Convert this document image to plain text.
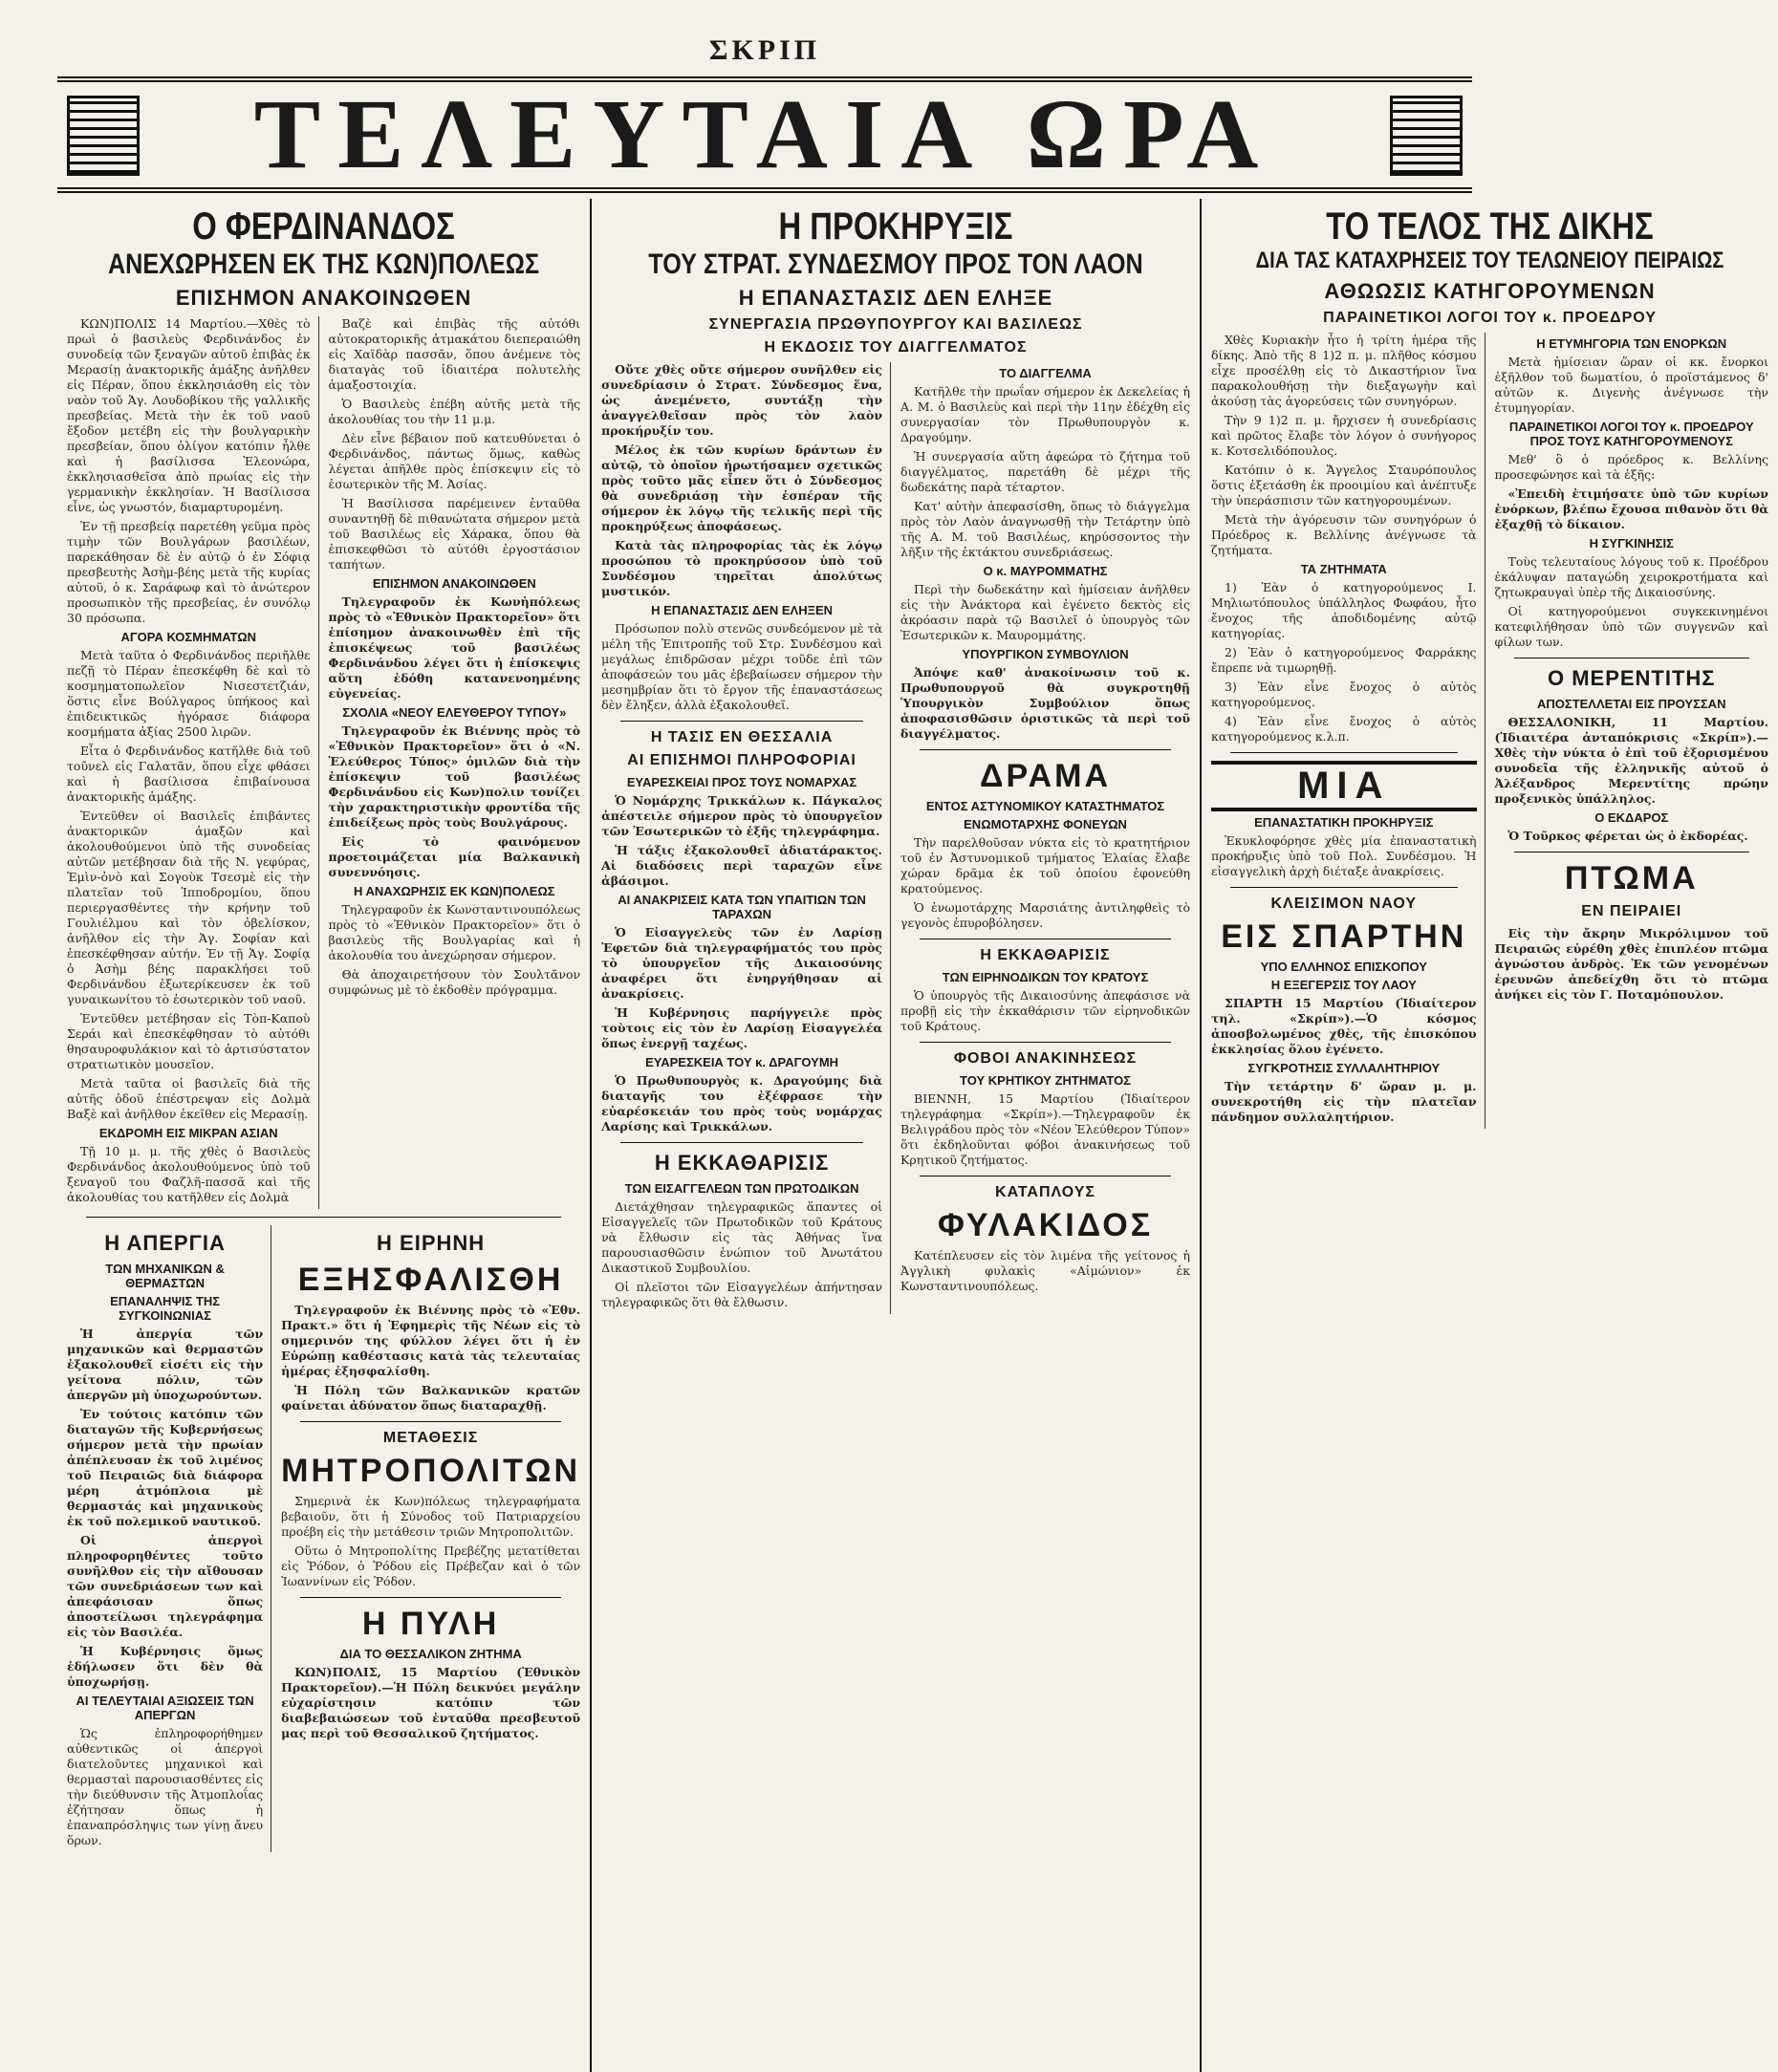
ΣΚΡΙΠ
ΤΕΛΕΥΤΑΙΑ ΩΡΑ
Ο ΦΕΡΔΙΝΑΝΔΟΣ
ΑΝΕΧΩΡΗΣΕΝ ΕΚ ΤΗΣ ΚΩΝ)ΠΟΛΕΩΣ
ΕΠΙΣΗΜΟΝ ΑΝΑΚΟΙΝΩΘΕΝ

ΚΩΝ)ΠΟΛΙΣ 14 Μαρτίου.—Χθὲς τὸ πρωὶ ὁ βασιλεὺς Φερδινάνδος ἐν συνοδείᾳ τῶν ξεναγῶν αὐτοῦ ἐπιβὰς ἐκ Μερασίῃ ἀνακτορικῆς ἁμάξης ἀνῆλθεν εἰς Πέραν, ὅπου ἐκκλησιάσθη εἰς τὸν ναὸν τοῦ Ἁγ. Λουδοβίκου τῆς γαλλικῆς πρεσβείας. Μετὰ τὴν ἐκ τοῦ ναοῦ ἔξοδον μετέβη εἰς τὴν βουλγαρικὴν πρεσβείαν, ὅπου ὀλίγον κατόπιν ἦλθε καὶ ἡ βασίλισσα Ἐλεονώρα, ἐκκλησιασθεῖσα ἀπὸ πρωίας εἰς τὴν γερμανικὴν ἐκκλησίαν. Ἡ Βασίλισσα εἶνε, ὡς γνωστόν, διαμαρτυρομένη.

Ἐν τῇ πρεσβείᾳ παρετέθη γεῦμα πρὸς τιμὴν τῶν Βουλγάρων βασιλέων, παρεκάθησαν δὲ ἐν αὐτῷ ὁ ἐν Σόφιᾳ πρεσβευτὴς Ἀσὴμ-βέης μετὰ τῆς κυρίας αὐτοῦ, ὁ κ. Σαράφωφ καὶ τὸ ἀνώτερον προσωπικὸν τῆς πρεσβείας, ἐν συνόλῳ 30 πρόσωπα.

ΑΓΟΡΑ ΚΟΣΜΗΜΑΤΩΝ

Μετὰ ταῦτα ὁ Φερδινάνδος περιῆλθε πεζῇ τὸ Πέραν ἐπεσκέφθη δὲ καὶ τὸ κοσμηματοπωλεῖον Νισεστετζιάν, ὅστις εἶνε Βούλγαρος ὑπήκοος καὶ ἐπιδεικτικῶς ἠγόρασε διάφορα κοσμήματα ἀξίας 2500 λιρῶν.

Εἶτα ὁ Φερδινάνδος κατῆλθε διὰ τοῦ τοῦνελ εἰς Γαλατᾶν, ὅπου εἶχε φθάσει καὶ ἡ βασίλισσα ἐπιβαίνουσα ἀνακτορικῆς ἁμάξης.

Ἐντεῦθεν οἱ Βασιλεῖς ἐπιβάντες ἀνακτορικῶν ἁμαξῶν καὶ ἀκολουθούμενοι ὑπὸ τῆς συνοδείας αὐτῶν μετέβησαν διὰ τῆς Ν. γεφύρας, Ἐμὶν-ὀνὸ καὶ Σογοὺκ Τσεσμὲ εἰς τὴν πλατεῖαν τοῦ Ἱπποδρομίου, ὅπου περιεργασθέντες τὴν κρήνην τοῦ Γουλιέλμου καὶ τὸν ὀβελίσκον, ἀνῆλθον εἰς τὴν Ἁγ. Σοφίαν καὶ ἐπεσκέφθησαν αὐτήν. Ἐν τῇ Ἁγ. Σοφίᾳ ὁ Ἀσὴμ βέης παρακλήσει τοῦ Φερδινάνδου ἐξωτερίκευσεν ἐκ τοῦ γυναικωνίτου τὸ ἐσωτερικὸν τοῦ ναοῦ.

Ἐντεῦθεν μετέβησαν εἰς Τὸπ-Καποὺ Σεράι καὶ ἐπεσκέφθησαν τὸ αὐτόθι θησαυροφυλάκιον καὶ τὸ ἀρτισύστατον στρατιωτικὸν μουσεῖον.

Μετὰ ταῦτα οἱ βασιλεῖς διὰ τῆς αὐτῆς ὁδοῦ ἐπέστρεψαν εἰς Δολμὰ Βαξὲ καὶ ἀνῆλθον ἐκεῖθεν εἰς Μερασίῃ.

ΕΚΔΡΟΜΗ ΕΙΣ ΜΙΚΡΑΝ ΑΣΙΑΝ

Τῇ 10 μ. μ. τῆς χθὲς ὁ Βασιλεὺς Φερδινάνδος ἀκολουθούμενος ὑπὸ τοῦ ξεναγοῦ του Φαζλῆ-πασσᾶ καὶ τῆς ἀκολουθίας του κατῆλθεν εἰς Δολμὰ

Βαζὲ καὶ ἐπιβὰς τῆς αὐτόθι αὐτοκρατορικῆς ἀτμακάτου διεπεραιώθη εἰς Χαϊδὰρ πασσᾶν, ὅπου ἀνέμενε τὸς διαταγὰς τοῦ ἰδιαιτέρα πολυτελὴς ἁμαξοστοιχία.

Ὁ Βασιλεὺς ἐπέβη αὐτῆς μετὰ τῆς ἀκολουθίας του τὴν 11 μ.μ.

Δὲν εἶνε βέβαιον ποῦ κατευθύνεται ὁ Φερδινάνδος, πάντως ὅμως, καθὼς λέγεται ἀπῆλθε πρὸς ἐπίσκεψιν εἰς τὸ ἐσωτερικὸν τῆς Μ. Ἀσίας.

Ἡ Βασίλισσα παρέμεινεν ἐνταῦθα συναντηθῇ δὲ πιθανώτατα σήμερον μετὰ τοῦ Βασιλέως εἰς Χάρακα, ὅπου θὰ ἐπισκεφθῶσι τὸ αὐτόθι ἐργοστάσιον ταπήτων.

ΕΠΙΣΗΜΟΝ ΑΝΑΚΟΙΝΩΘΕΝ

Τηλεγραφοῦν ἐκ Κωνἡπόλεως πρὸς τὸ «Ἐθνικὸν Πρακτορεῖον» ὅτι ἐπίσημον ἀνακοινωθὲν ἐπὶ τῆς ἐπισκέψεως τοῦ βασιλέως Φερδινάνδου λέγει ὅτι ἡ ἐπίσκεψις αὕτη ἐδόθη κατανενοημένης εὐγενείας.

ΣΧΟΛΙΑ «ΝΕΟΥ ΕΛΕΥΘΕΡΟΥ ΤΥΠΟΥ»

Τηλεγραφοῦν ἐκ Βιέννης πρὸς τὸ «Ἐθνικὸν Πρακτορεῖον» ὅτι ὁ «Ν. Ἐλεύθερος Τύπος» ὁμιλῶν διὰ τὴν ἐπίσκεψιν τοῦ βασιλέως Φερδινάνδου εἰς Κων)πολιν τονίζει τὴν χαρακτηριστικὴν φροντίδα τῆς ἐπιδείξεως πρὸς τοὺς Βουλγάρους.

Εἰς τὸ φαινόμενον προετοιμάζεται μία Βαλκανικὴ συνεννόησις.

Η ΑΝΑΧΩΡΗΣΙΣ ΕΚ ΚΩΝ)ΠΟΛΕΩΣ

Τηλεγραφοῦν ἐκ Κωνσταντινουπόλεως πρὸς τὸ «Ἐθνικὸν Πρακτορεῖον» ὅτι ὁ βασιλεὺς τῆς Βουλγαρίας καὶ ἡ ἀκολουθία του ἀνεχώρησαν σήμερον.

Θὰ ἀποχαιρετήσουν τὸν Σουλτᾶνον συμφώνως μὲ τὸ ἐκδοθὲν πρόγραμμα.

Η ΑΠΕΡΓΙΑ
ΤΩΝ ΜΗΧΑΝΙΚΩΝ & ΘΕΡΜΑΣΤΩΝ
ΕΠΑΝΑΛΗΨΙΣ ΤΗΣ ΣΥΓΚΟΙΝΩΝΙΑΣ

Ἡ ἀπεργία τῶν μηχανικῶν καὶ θερμαστῶν ἐξακολουθεῖ εἰσέτι εἰς τὴν γείτονα πόλιν, τῶν ἀπεργῶν μὴ ὑποχωρούντων.

Ἐν τούτοις κατόπιν τῶν διαταγῶν τῆς Κυβερνήσεως σήμερον μετὰ τὴν πρωίαν ἀπέπλευσαν ἐκ τοῦ λιμένος τοῦ Πειραιῶς διὰ διάφορα μέρη ἀτμόπλοια μὲ θερμαστάς καὶ μηχανικοὺς ἐκ τοῦ πολεμικοῦ ναυτικοῦ.

Οἱ ἀπεργοὶ πληροφορηθέντες τοῦτο συνῆλθον εἰς τὴν αἴθουσαν τῶν συνεδριάσεων των καὶ ἀπεφάσισαν ὅπως ἀποστείλωσι τηλεγράφημα εἰς τὸν Βασιλέα.

Ἡ Κυβέρνησις ὅμως ἐδήλωσεν ὅτι δὲν θὰ ὑποχωρήσῃ.

ΑΙ ΤΕΛΕΥΤΑΙΑΙ ΑΞΙΩΣΕΙΣ ΤΩΝ ΑΠΕΡΓΩΝ

Ὡς ἐπληροφορήθημεν αὐθεντικῶς οἱ ἀπεργοὶ διατελοῦντες μηχανικοὶ καὶ θερμασταὶ παρουσιασθέντες εἰς τὴν διεύθυνσιν τῆς Ἀτμοπλοΐας ἐζήτησαν ὅπως ἡ ἐπαναπρόσληψις των γίνῃ ἄνευ ὅρων.

Η ΕΙΡΗΝΗ
ΕΞΗΣΦΑΛΙΣΘΗ

Τηλεγραφοῦν ἐκ Βιέννης πρὸς τὸ «Ἐθν. Πρακτ.» ὅτι ἡ Ἐφημερὶς τῆς Νέων εἰς τὸ σημερινόν της φύλλον λέγει ὅτι ἡ ἐν Εὐρώπῃ καθέστασις κατὰ τὰς τελευταίας ἡμέρας ἐξησφαλίσθη.

Ἡ Πόλη τῶν Βαλκανικῶν κρατῶν φαίνεται ἀδύνατον ὅπως διαταραχθῇ.

ΜΕΤΑΘΕΣΙΣ
ΜΗΤΡΟΠΟΛΙΤΩΝ

Σημερινὰ ἐκ Κων)πόλεως τηλεγραφήματα βεβαιοῦν, ὅτι ἡ Σύνοδος τοῦ Πατριαρχείου προέβη εἰς τὴν μετάθεσιν τριῶν Μητροπολιτῶν.

Οὕτω ὁ Μητροπολίτης Πρεβέζης μετατίθεται εἰς Ῥόδον, ὁ Ῥόδου εἰς Πρέβεζαν καὶ ὁ τῶν Ἰωαννίνων εἰς Ῥόδον.

Η ΠΥΛΗ
ΔΙΑ ΤΟ ΘΕΣΣΑΛΙΚΟΝ ΖΗΤΗΜΑ

ΚΩΝ)ΠΟΛΙΣ, 15 Μαρτίου (Ἐθνικὸν Πρακτορεῖον).—Ἡ Πύλη δεικνύει μεγάλην εὐχαρίστησιν κατόπιν τῶν διαβεβαιώσεων τοῦ ἐνταῦθα πρεσβευτοῦ μας περὶ τοῦ Θεσσαλικοῦ ζητήματος.

Η ΠΡΟΚΗΡΥΞΙΣ
ΤΟΥ ΣΤΡΑΤ. ΣΥΝΔΕΣΜΟΥ ΠΡΟΣ ΤΟΝ ΛΑΟΝ
Η ΕΠΑΝΑΣΤΑΣΙΣ ΔΕΝ ΕΛΗΞΕ
ΣΥΝΕΡΓΑΣΙΑ ΠΡΩΘΥΠΟΥΡΓΟΥ ΚΑΙ ΒΑΣΙΛΕΩΣ
Η ΕΚΔΟΣΙΣ ΤΟΥ ΔΙΑΓΓΕΛΜΑΤΟΣ

Οὔτε χθὲς οὔτε σήμερον συνῆλθεν εἰς συνεδρίασιν ὁ Στρατ. Σύνδεσμος ἕνα, ὡς ἀνεμένετο, συντάξῃ τὴν ἀναγγελθεῖσαν πρὸς τὸν λαὸν προκήρυξίν του.

Μέλος ἐκ τῶν κυρίων δράντων ἐν αὐτῷ, τὸ ὁποῖον ἠρωτήσαμεν σχετικῶς πρὸς τοῦτο μᾶς εἶπεν ὅτι ὁ Σύνδεσμος θὰ συνεδριάσῃ τὴν ἑσπέραν τῆς σήμερον ἐκ λόγῳ τῆς τελικῆς περὶ τῆς προκηρύξεως ἀποφάσεως.

Κατὰ τὰς πληροφορίας τὰς ἐκ λόγῳ προσώπου τὸ προκηρύσσον ὑπὸ τοῦ Συνδέσμου τηρεῖται ἀπολύτως μυστικόν.

Η ΕΠΑΝΑΣΤΑΣΙΣ ΔΕΝ ΕΛΗΞΕΝ

Πρόσωπον πολὺ στενῶς συνδεόμενον μὲ τὰ μέλη τῆς Ἐπιτροπῆς τοῦ Στρ. Συνδέσμου καὶ μεγάλως ἐπιδρῶσαν μέχρι τοῦδε ἐπὶ τῶν ἀποφάσεών του μᾶς ἐβεβαίωσεν σήμερον τὴν μεσημβρίαν ὅτι τὸ ἔργον τῆς ἐπαναστάσεως δὲν ἔληξεν, ἀλλὰ ἐξακολουθεῖ.

Η ΤΑΣΙΣ ΕΝ ΘΕΣΣΑΛΙΑ
ΑΙ ΕΠΙΣΗΜΟΙ ΠΛΗΡΟΦΟΡΙΑΙ
ΕΥΑΡΕΣΚΕΙΑΙ ΠΡΟΣ ΤΟΥΣ ΝΟΜΑΡΧΑΣ

Ὁ Νομάρχης Τρικκάλων κ. Πάγκαλος ἀπέστειλε σήμερον πρὸς τὸ ὑπουργεῖον τῶν Ἐσωτερικῶν τὸ ἑξῆς τηλεγράφημα.

Ἡ τάξις ἐξακολουθεῖ ἀδιατάρακτος. Αἱ διαδόσεις περὶ ταραχῶν εἶνε ἀβάσιμοι.

ΑΙ ΑΝΑΚΡΙΣΕΙΣ ΚΑΤΑ ΤΩΝ ΥΠΑΙΤΙΩΝ ΤΩΝ ΤΑΡΑΧΩΝ

Ὁ Εἰσαγγελεὺς τῶν ἐν Λαρίσῃ Ἐφετῶν διὰ τηλεγραφήματός του πρὸς τὸ ὑπουργεῖον τῆς Δικαιοσύνης ἀναφέρει ὅτι ἐνηργήθησαν αἱ ἀνακρίσεις.

Ἡ Κυβέρνησις παρήγγειλε πρὸς τοὺτοις εἰς τὸν ἐν Λαρίσῃ Εἰσαγγελέα ὅπως ἐνεργῇ ταχέως.

ΕΥΑΡΕΣΚΕΙΑ ΤΟΥ κ. ΔΡΑΓΟΥΜΗ

Ὁ Πρωθυπουργὸς κ. Δραγούμης διὰ διαταγῆς του ἐξέφρασε τὴν εὐαρέσκειάν του πρὸς τοὺς νομάρχας Λαρίσης καὶ Τρικκάλων.

Η ΕΚΚΑΘΑΡΙΣΙΣ
ΤΩΝ ΕΙΣΑΓΓΕΛΕΩΝ ΤΩΝ ΠΡΩΤΟΔΙΚΩΝ

Διετάχθησαν τηλεγραφικῶς ἅπαντες οἱ Εἰσαγγελεῖς τῶν Πρωτοδικῶν τοῦ Κράτους νὰ ἔλθωσιν εἰς τὰς Ἀθήνας ἵνα παρουσιασθῶσιν ἐνώπιον τοῦ Ἀνωτάτου Δικαστικοῦ Συμβουλίου.

Οἱ πλεῖστοι τῶν Εἰσαγγελέων ἀπήντησαν τηλεγραφικῶς ὅτι θὰ ἔλθωσιν.

ΤΟ ΔΙΑΓΓΕΛΜΑ

Κατῆλθε τὴν πρωΐαν σήμερον ἐκ Δεκελείας ἡ Α. Μ. ὁ Βασιλεὺς καὶ περὶ τὴν 11ην ἐδέχθη εἰς συνεργασίαν τὸν Πρωθυπουργὸν κ. Δραγούμην.

Ἡ συνεργασία αὕτη ἀφεώρα τὸ ζήτημα τοῦ διαγγέλματος, παρετάθη δὲ μέχρι τῆς δωδεκάτης παρὰ τέταρτον.

Κατ' αὐτὴν ἀπεφασίσθη, ὅπως τὸ διάγγελμα πρὸς τὸν Λαὸν ἀναγνωσθῇ τὴν Τετάρτην ὑπὸ τῆς Α. Μ. τοῦ Βασιλέως, κηρύσσοντος τὴν λῆξιν τῆς ἐκτάκτου συνεδριάσεως.

Ο κ. ΜΑΥΡΟΜΜΑΤΗΣ

Περὶ τὴν δωδεκάτην καὶ ἡμίσειαν ἀνῆλθεν εἰς τὴν Ἀνάκτορα καὶ ἐγένετο δεκτὸς εἰς ἀκρόασιν παρὰ τῷ Βασιλεῖ ὁ ὑπουργὸς τῶν Ἐσωτερικῶν κ. Μαυρομμάτης.

ΥΠΟΥΡΓΙΚΟΝ ΣΥΜΒΟΥΛΙΟΝ

Ἀπόψε καθ' ἀνακοίνωσιν τοῦ κ. Πρωθυπουργοῦ θὰ συγκροτηθῇ Ὑπουργικὸν Συμβούλιον ὅπως ἀποφασισθῶσιν ὁριστικῶς τὰ περὶ τοῦ διαγγέλματος.

ΔΡΑΜΑ
ΕΝΤΟΣ ΑΣΤΥΝΟΜΙΚΟΥ ΚΑΤΑΣΤΗΜΑΤΟΣ
ΕΝΩΜΟΤΑΡΧΗΣ ΦΟΝΕΥΩΝ

Τὴν παρελθοῦσαν νύκτα εἰς τὸ κρατητήριον τοῦ ἐν Ἀστυνομικοῦ τμήματος Ἐλαίας ἔλαβε χώραν δρᾶμα ἐκ τοῦ ὁποίου ἐφονεύθη κρατούμενος.

Ὁ ἐνωμοτάρχης Μαρσιάτης ἀντιληφθεὶς τὸ γεγονὸς ἐπυροβόλησεν.

Η ΕΚΚΑΘΑΡΙΣΙΣ
ΤΩΝ ΕΙΡΗΝΟΔΙΚΩΝ ΤΟΥ ΚΡΑΤΟΥΣ

Ὁ ὑπουργὸς τῆς Δικαιοσύνης ἀπεφάσισε νὰ προβῇ εἰς τὴν ἐκκαθάρισιν τῶν εἰρηνοδικῶν τοῦ Κράτους.

ΦΟΒΟΙ ΑΝΑΚΙΝΗΣΕΩΣ
ΤΟΥ ΚΡΗΤΙΚΟΥ ΖΗΤΗΜΑΤΟΣ

ΒΙΕΝΝΗ, 15 Μαρτίου (Ἰδιαίτερον τηλεγράφημα «Σκρίπ»).—Τηλεγραφοῦν ἐκ Βελιγράδου πρὸς τὸν «Νέον Ἐλεύθερον Τύπον» ὅτι ἐκδηλοῦνται φόβοι ἀνακινήσεως τοῦ Κρητικοῦ ζητήματος.

ΚΑΤΑΠΛΟΥΣ
ΦΥΛΑΚΙΔΟΣ

Κατέπλευσεν εἰς τὸν λιμένα τῆς γείτονος ἡ Ἀγγλικὴ φυλακὶς «Αἰμώνιον» ἐκ Κωνσταντινουπόλεως.

ΤΟ ΤΕΛΟΣ ΤΗΣ ΔΙΚΗΣ
ΔΙΑ ΤΑΣ ΚΑΤΑΧΡΗΣΕΙΣ ΤΟΥ ΤΕΛΩΝΕΙΟΥ ΠΕΙΡΑΙΩΣ
ΑΘΩΩΣΙΣ ΚΑΤΗΓΟΡΟΥΜΕΝΩΝ
ΠΑΡΑΙΝΕΤΙΚΟΙ ΛΟΓΟΙ ΤΟΥ κ. ΠΡΟΕΔΡΟΥ

Χθὲς Κυριακὴν ἦτο ἡ τρίτη ἡμέρα τῆς δίκης. Ἀπὸ τῆς 8 1)2 π. μ. πλῆθος κόσμου εἶχε προσέλθῃ εἰς τὸ Δικαστήριον ἵνα παρακολουθήσῃ τὴν διεξαγωγὴν καὶ ἀκούσῃ τὰς ἀγορεύσεις τῶν συνηγόρων.

Τὴν 9 1)2 π. μ. ἤρχισεν ἡ συνεδρίασις καὶ πρῶτος ἔλαβε τὸν λόγον ὁ συνήγορος κ. Κοτσελιδόπουλος.

Κατόπιν ὁ κ. Ἄγγελος Σταυρόπουλος ὅστις ἐξετάσθη ἐκ προοιμίου καὶ ἀνέπτυξε τὴν ὑπεράσπισιν τῶν κατηγορουμένων.

Μετὰ τὴν ἀγόρευσιν τῶν συνηγόρων ὁ Πρόεδρος κ. Βελλίνης ἀνέγνωσε τὰ ζητήματα.

ΤΑ ΖΗΤΗΜΑΤΑ

1) Ἐὰν ὁ κατηγορούμενος Ι. Μηλιωτόπουλος ὑπάλληλος Φωφάου, ἦτο ἔνοχος τῆς ἀποδιδομένης αὐτῷ κατηγορίας.

2) Ἐὰν ὁ κατηγορούμενος Φαρράκης ἔπρεπε νὰ τιμωρηθῇ.

3) Ἐὰν εἶνε ἔνοχος ὁ αὐτὸς κατηγορούμενος.

4) Ἐὰν εἶνε ἔνοχος ὁ αὐτὸς κατηγορούμενος κ.λ.π.

ΜΙΑ
ΕΠΑΝΑΣΤΑΤΙΚΗ ΠΡΟΚΗΡΥΞΙΣ

Ἐκυκλοφόρησε χθὲς μία ἐπαναστατικὴ προκήρυξις ὑπὸ τοῦ Πολ. Συνδέσμου. Ἡ εἰσαγγελικὴ ἀρχὴ διέταξε ἀνακρίσεις.

ΚΛΕΙΣΙΜΟΝ ΝΑΟΥ
ΕΙΣ ΣΠΑΡΤΗΝ
ΥΠΟ ΕΛΛΗΝΟΣ ΕΠΙΣΚΟΠΟΥ
Η ΕΞΕΓΕΡΣΙΣ ΤΟΥ ΛΑΟΥ

ΣΠΑΡΤΗ 15 Μαρτίου (Ἰδιαίτερον τηλ. «Σκρίπ»).—Ὁ κόσμος ἀποσβολωμένος χθὲς, τῆς ἐπισκόπου ἐκκλησίας ὅλου ἐγένετο.

ΣΥΓΚΡΟΤΗΣΙΣ ΣΥΛΛΑΛΗΤΗΡΙΟΥ

Τὴν τετάρτην δ' ὥραν μ. μ. συνεκροτήθη εἰς τὴν πλατεῖαν πάνδημον συλλαλητήριον.

Η ΕΤΥΜΗΓΟΡΙΑ ΤΩΝ ΕΝΟΡΚΩΝ

Μετὰ ἡμίσειαν ὥραν οἱ κκ. ἔνορκοι ἐξῆλθον τοῦ δωματίου, ὁ προϊστάμενος δ' αὐτῶν κ. Διγενὴς ἀνέγνωσε τὴν ἐτυμηγορίαν.

ΠΑΡΑΙΝΕΤΙΚΟΙ ΛΟΓΟΙ ΤΟΥ κ. ΠΡΟΕΔΡΟΥ ΠΡΟΣ ΤΟΥΣ ΚΑΤΗΓΟΡΟΥΜΕΝΟΥΣ

Μεθ' ὃ ὁ πρόεδρος κ. Βελλίνης προσεφώνησε καὶ τὰ ἑξῆς:

«Ἐπειδὴ ἐτιμήσατε ὑπὸ τῶν κυρίων ἐνόρκων, βλέπω ἔχουσα πιθανὸν ὅτι θὰ ἐξαχθῇ τὸ δίκαιον.

Η ΣΥΓΚΙΝΗΣΙΣ

Τοὺς τελευταίους λόγους τοῦ κ. Προέδρου ἐκάλυψαν παταγώδη χειροκροτήματα καὶ ζητωκραυγαὶ ὑπὲρ τῆς Δικαιοσύνης.

Οἱ κατηγορούμενοι συγκεκινημένοι κατεφιλήθησαν ὑπὸ τῶν συγγενῶν καὶ φίλων των.

Ο ΜΕΡΕΝΤΙΤΗΣ
ΑΠΟΣΤΕΛΛΕΤΑΙ ΕΙΣ ΠΡΟΥΣΣΑΝ

ΘΕΣΣΑΛΟΝΙΚΗ, 11 Μαρτίου. (Ἰδιαιτέρα ἀνταπόκρισις «Σκρίπ»).—Χθὲς τὴν νύκτα ὁ ἐπὶ τοῦ ἐξορισμένου συνοδεῖα τῆς ἐλληνικῆς αὐτοῦ ὁ Ἀλέξανδρος Μερεντίτης πρώην προξενικὸς ὑπάλληλος.

Ο ΕΚΔΑΡΟΣ

Ὁ Τοῦρκος φέρεται ὡς ὁ ἐκδορέας.

ΠΤΩΜΑ
ΕΝ ΠΕΙΡΑΙΕΙ

Εἰς τὴν ἄκρην Μικρόλιμνον τοῦ Πειραιῶς εὑρέθη χθὲς ἐπιπλέον πτῶμα ἀγνώστου ἀνδρὸς. Ἐκ τῶν γενομένων ἐρευνῶν ἀπεδείχθη ὅτι τὸ πτῶμα ἀνήκει εἰς τὸν Γ. Ποταμόπουλον.
